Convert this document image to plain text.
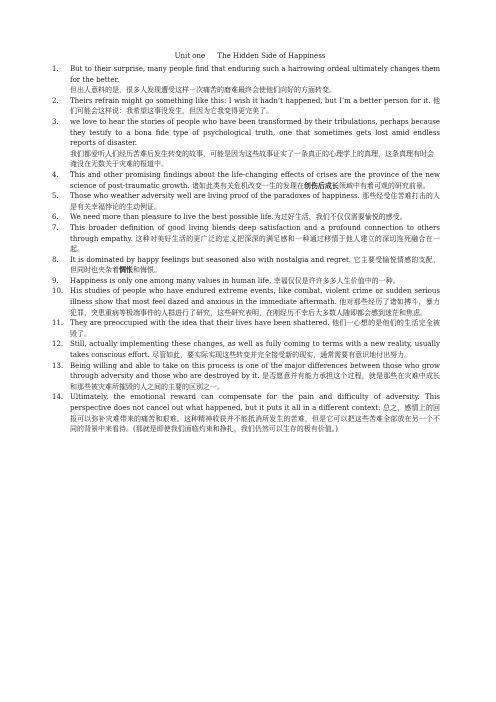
Unit one The Hidden Side of Happiness
1.	But to their surprise, many people find that enduring such a harrowing ordeal ultimately changes them for the better.
但出人意料的是，很多人发现遭受这样一次痛苦的磨难最终会使他们向好的方面转变。
2.	Theirs refrain might go something like this: I wish it hadn’t happened, but I’m a better person for it. 他们可能会这样说：我希望这事没发生，但因为它我变得更完美了。
3.	we love to hear the stories of people who have been transformed by their tribulations, perhaps because they testify to a bona fide type of psychological truth, one that sometimes gets lost amid endless reports of disaster.
我们都爱听人们经历苦难后发生转变的故事，可能是因为这些故事证实了一条真正的心理学上的真理，这条真理有时会淹没在无数关于灾难的报道中。
4.	This and other promising findings about the life-changing effects of crises are the province of the new science of post-traumatic growth. 诸如此类有关危机改变一生的发现在创伤后成长领域中有着可观的研究前景。
5.	Those who weather adversity well are living proof of the paradoxes of happiness. 那些经受住苦难打击的人是有关幸福悖论的生动例证。
6.	We need more than pleasure to live the best possible life.为过好生活，我们不仅仅需要愉悦的感受。
7.	This broader definition of good living blends deep satisfaction and a profound connection to others through empathy. 这种对美好生活的更广泛的定义把深深的满足感和一种通过移情于他人建立的深切连死融合在一起。
8.	It is dominated by happy feelings but seasoned also with nostalgia and regret. 它主要受愉悦情感的支配，但同时也夹杂着惆怅和悔恨。
9.	Happiness is only one among many values in human life, 幸福仅仅是许许多多人生价值中的一种。
10. His studies of people who have endured extreme events, like combat, violent crime or sudden serious illness show that most feel dazed and anxious in the immediate aftermath. 他对那些经历了诸如搏斗，暴力犯罪，突患重病等极端事件的人群进行了研究，这些研究表明，在刚经历不幸后大多数人随即都会感到迷茫和焦虑。
11. They are preoccupied with the idea that their lives have been shattered. 他们一心想的是他们的生活完全被毁了。
12. Still, actually implementing these changes, as well as fully coming to terms with a new reality, usually takes conscious effort. 尽管如此，要实际实现这些转变并完全接受新的现实，通常需要有意识地付出努力。
13. Being willing and able to take on this process is one of the major differences between those who grow through adversity and those who are destroyed by it. 是否愿意并有能力承担这个过程，就是那些在灾难中成长和那些被灾难所摧毁的人之间的主要的区别之一。
14. Ultimately, the emotional reward can compensate for the pain and difficulty of adversity. This perspective does not cancel out what happened, but it puts it all in a different context: 总之，感情上的回报可以弥补灾难带来的痛苦和艰难。这种精神收获并不能抵消所发生的苦难，但是它可以把这些苦难全部放在另一个不同的背景中来看待。(那就是即使我们面临灼束和挣扎，我们仍然可以生存的极有价值。)
